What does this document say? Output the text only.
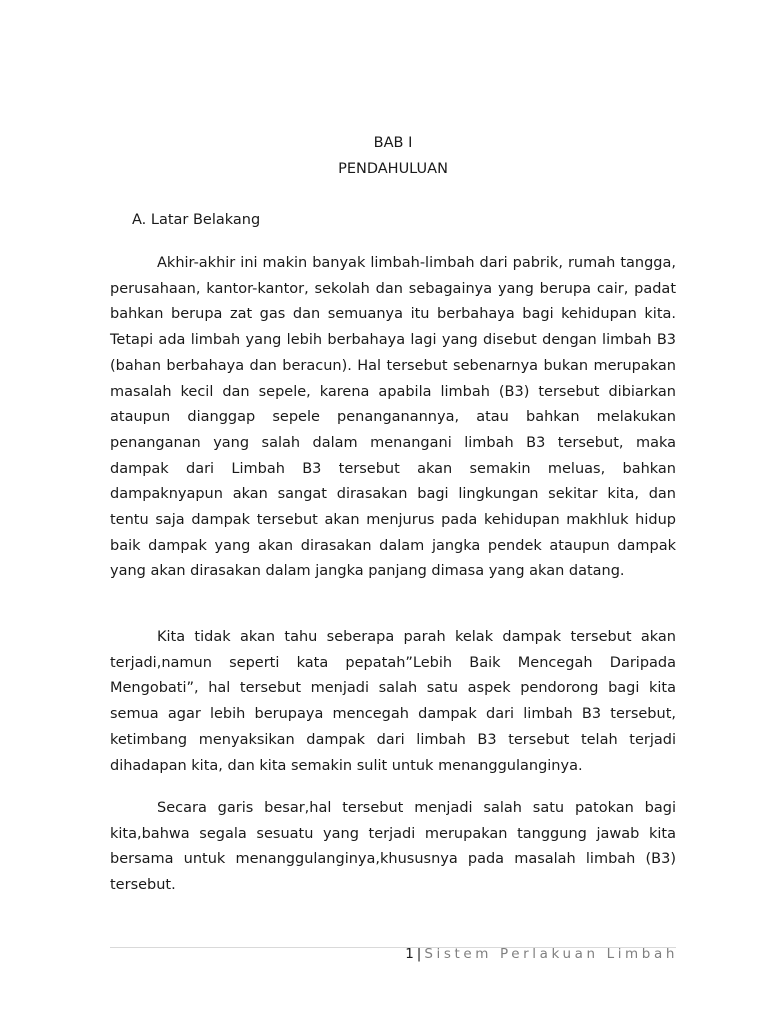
BAB I
PENDAHULUAN
A. Latar Belakang

Akhir-akhir ini makin banyak limbah-limbah dari pabrik, rumah tangga, perusahaan, kantor-kantor, sekolah dan sebagainya yang berupa cair, padat bahkan berupa zat gas dan semuanya itu berbahaya bagi kehidupan kita. Tetapi ada limbah yang lebih berbahaya lagi yang disebut dengan limbah B3 (bahan berbahaya dan beracun). Hal tersebut sebenarnya bukan merupakan masalah kecil dan sepele, karena apabila limbah (B3) tersebut dibiarkan ataupun dianggap sepele penanganannya, atau bahkan melakukan penanganan yang salah dalam menangani limbah B3 tersebut, maka dampak dari Limbah B3 tersebut akan semakin meluas, bahkan dampaknyapun akan sangat dirasakan bagi lingkungan sekitar kita, dan tentu saja dampak tersebut akan menjurus pada kehidupan makhluk hidup baik dampak yang akan dirasakan dalam jangka pendek ataupun dampak yang akan dirasakan dalam jangka panjang dimasa yang akan datang.

Kita tidak akan tahu seberapa parah kelak dampak tersebut akan terjadi,namun seperti kata pepatah”Lebih Baik Mencegah Daripada Mengobati”, hal tersebut menjadi salah satu aspek pendorong bagi kita semua agar lebih berupaya mencegah dampak dari limbah B3 tersebut, ketimbang menyaksikan dampak dari limbah B3 tersebut telah terjadi dihadapan kita, dan kita semakin sulit untuk menanggulanginya.

Secara garis besar,hal tersebut menjadi salah satu patokan bagi kita,bahwa segala sesuatu yang terjadi merupakan tanggung jawab kita bersama untuk menanggulanginya,khususnya pada masalah limbah (B3) tersebut.

1 | Sistem Perlakuan Limbah
